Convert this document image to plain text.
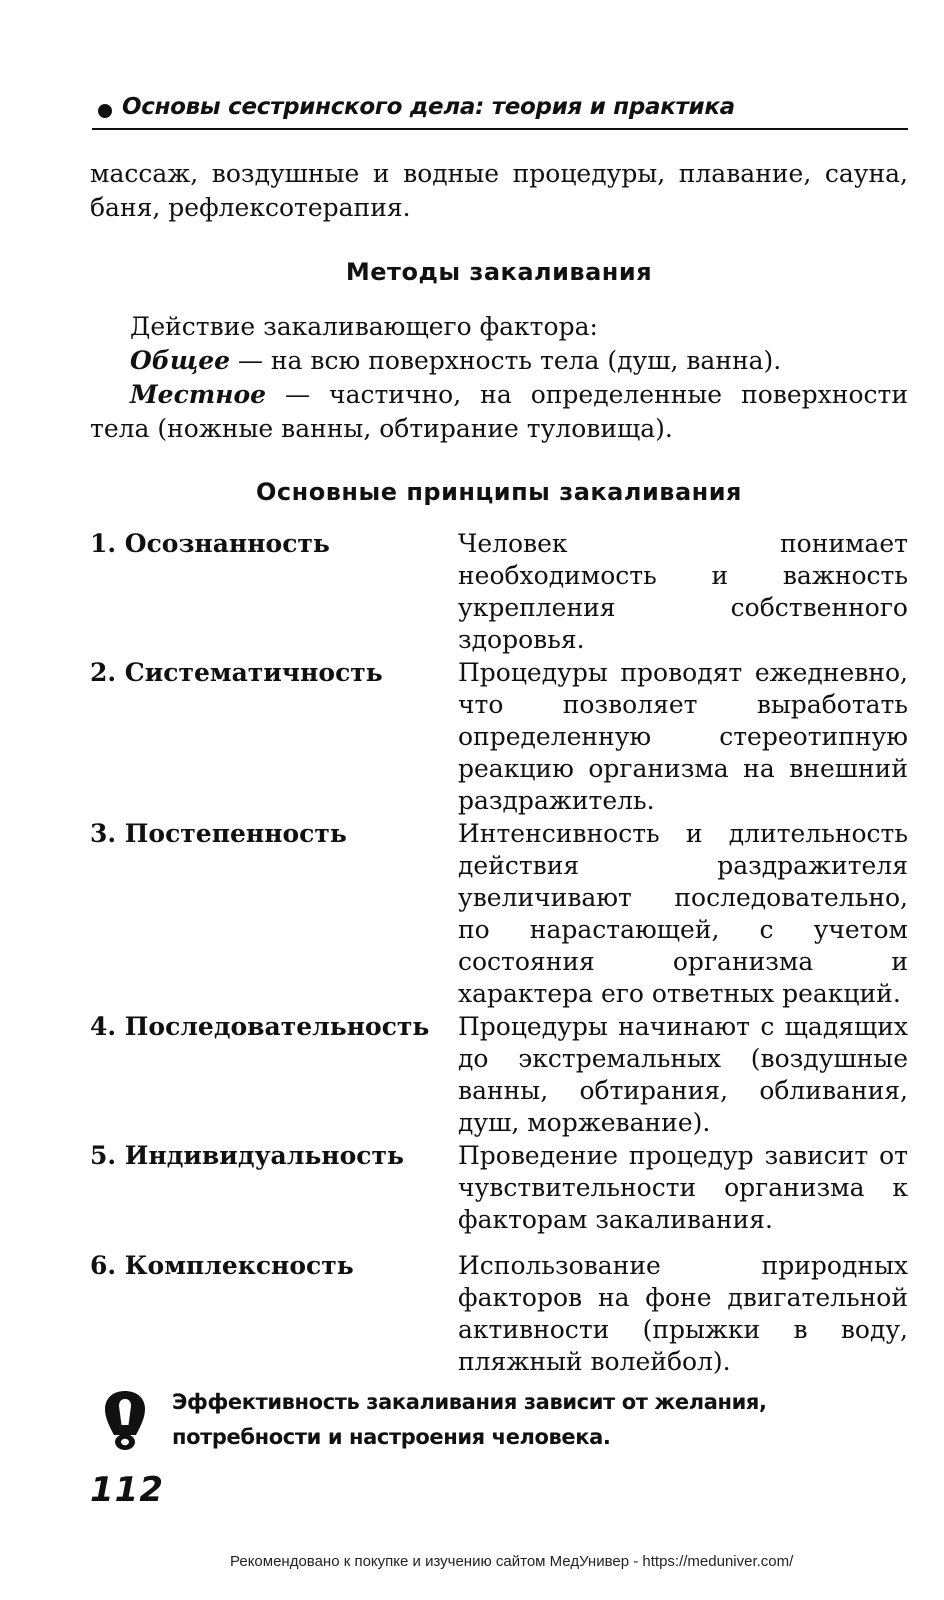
Основы сестринского дела: теория и практика

массаж, воздушные и водные процедуры, плавание, сауна, баня, рефлексотерапия.

Методы закаливания

Действие закаливающего фактора:

Общее — на всю поверхность тела (душ, ванна).

Местное — частично, на определенные поверхности тела (ножные ванны, обтирание туловища).

Основные принципы закаливания
1. Осознанность	Человек понимает необходимость и важность укрепления собственного здоровья.
2. Систематичность	Процедуры проводят ежедневно, что позволяет выработать определенную стереотипную реакцию организма на внешний раздражитель.
3. Постепенность	Интенсивность и длительность действия раздражителя увеличивают последовательно, по нарастающей, с учетом состояния организма и характера его ответных реакций.
4. Последовательность	Процедуры начинают с щадящих до экстремальных (воздушные ванны, обтирания, обливания, душ, моржевание).
5. Индивидуальность	Проведение процедур зависит от чувствительности организма к факторам закаливания.
6. Комплексность	Использование природных факторов на фоне двигательной активности (прыжки в воду, пляжный волейбол).
Эффективность закаливания зависит от желания, потребности и настроения человека.
112
Рекомендовано к покупке и изучению сайтом МедУнивер - https://meduniver.com/
